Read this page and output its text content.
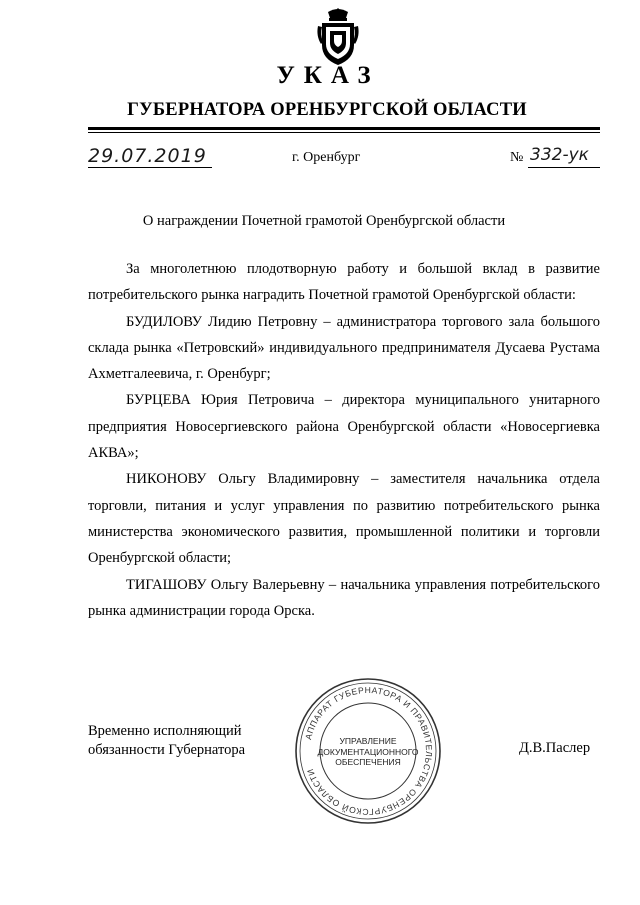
УКАЗ
ГУБЕРНАТОРА ОРЕНБУРГСКОЙ ОБЛАСТИ
29.07.2019	г. Оренбург	№ 332-ук
О награждении Почетной грамотой Оренбургской области

За многолетнюю плодотворную работу и большой вклад в развитие потребительского рынка наградить Почетной грамотой Оренбургской области:

БУДИЛОВУ Лидию Петровну – администратора торгового зала большого склада рынка «Петровский» индивидуального предпринимателя Дусаева Рустама Ахметгалеевича, г. Оренбург;

БУРЦЕВА Юрия Петровича – директора муниципального унитарного предприятия Новосергиевского района Оренбургской области «Новосергиевка АКВА»;

НИКОНОВУ Ольгу Владимировну – заместителя начальника отдела торговли, питания и услуг управления по развитию потребительского рынка министерства экономического развития, промышленной политики и торговли Оренбургской области;

ТИГАШОВУ Ольгу Валерьевну – начальника управления потребительского рынка администрации города Орска.

Временно исполняющий
обязанности Губернатора
АППАРАТ ГУБЕРНАТОРА И ПРАВИТЕЛЬСТВА ОРЕНБУРГСКОЙ ОБЛАСТИ
УПРАВЛЕНИЕ
ДОКУМЕНТАЦИОННОГО
ОБЕСПЕЧЕНИЯ
Д.В.Паслер
